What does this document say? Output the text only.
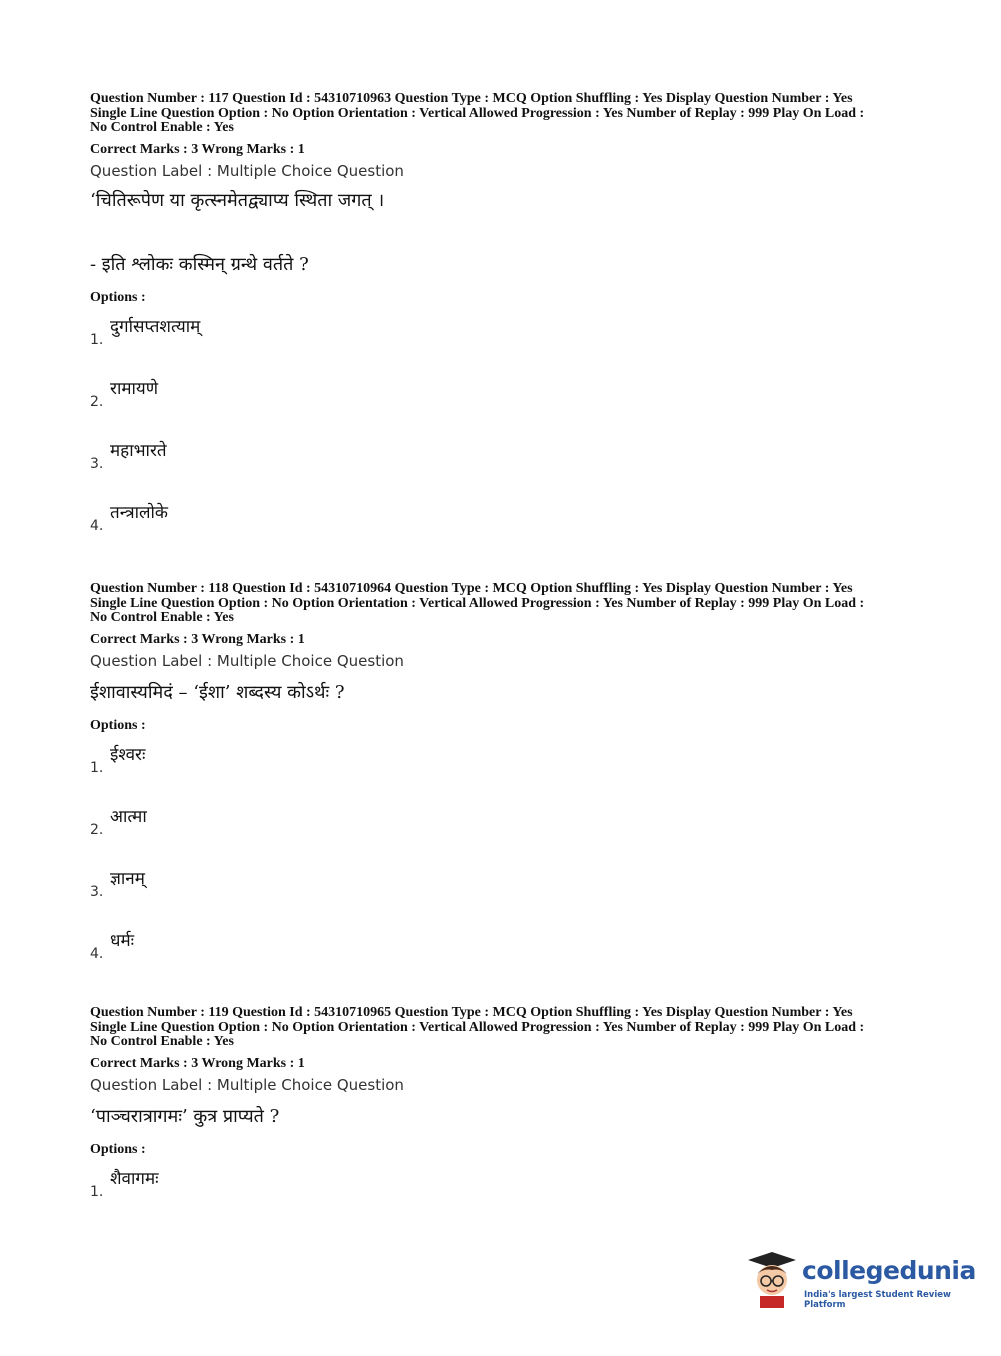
Question Number : 117 Question Id : 54310710963 Question Type : MCQ Option Shuffling : Yes Display Question Number : Yes

Single Line Question Option : No Option Orientation : Vertical Allowed Progression : Yes Number of Replay : 999 Play On Load :

No Control Enable : Yes

Correct Marks : 3 Wrong Marks : 1
Question Label : Multiple Choice Question
‘चितिरूपेण या कृत्स्नमेतद्व्याप्य स्थिता जगत् ।
- इति श्लोकः कस्मिन् ग्रन्थे वर्तते ?
Options :
1.
दुर्गासप्तशत्याम्
2.
रामायणे
3.
महाभारते
4.
तन्त्रालोके

Question Number : 118 Question Id : 54310710964 Question Type : MCQ Option Shuffling : Yes Display Question Number : Yes

Single Line Question Option : No Option Orientation : Vertical Allowed Progression : Yes Number of Replay : 999 Play On Load :

No Control Enable : Yes

Correct Marks : 3 Wrong Marks : 1
Question Label : Multiple Choice Question
ईशावास्यमिदं – ‘ईशा’ शब्दस्य कोऽर्थः ?
Options :
1.
ईश्वरः
2.
आत्मा
3.
ज्ञानम्
4.
धर्मः

Question Number : 119 Question Id : 54310710965 Question Type : MCQ Option Shuffling : Yes Display Question Number : Yes

Single Line Question Option : No Option Orientation : Vertical Allowed Progression : Yes Number of Replay : 999 Play On Load :

No Control Enable : Yes

Correct Marks : 3 Wrong Marks : 1
Question Label : Multiple Choice Question
‘पाञ्चरात्रागमः’ कुत्र प्राप्यते ?
Options :
1.
शैवागमः
collegedunia
India's largest Student Review Platform
